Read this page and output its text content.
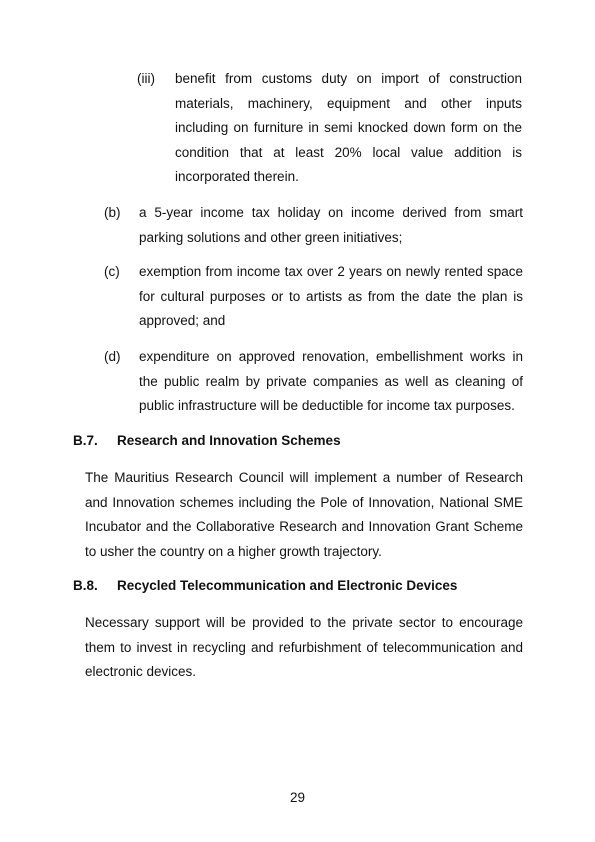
(iii)	benefit from customs duty on import of construction materials, machinery, equipment and other inputs including on furniture in semi knocked down form on the condition that at least 20% local value addition is incorporated therein.
(b)	a 5-year income tax holiday on income derived from smart parking solutions and other green initiatives;
(c)	exemption from income tax over 2 years on newly rented space for cultural purposes or to artists as from the date the plan is approved; and
(d)	expenditure on approved renovation, embellishment works in the public realm by private companies as well as cleaning of public infrastructure will be deductible for income tax purposes.
B.7.	Research and Innovation Schemes
The Mauritius Research Council will implement a number of Research and Innovation schemes including the Pole of Innovation, National SME Incubator and the Collaborative Research and Innovation Grant Scheme to usher the country on a higher growth trajectory.
B.8.	Recycled Telecommunication and Electronic Devices
Necessary support will be provided to the private sector to encourage them to invest in recycling and refurbishment of telecommunication and electronic devices.
29
